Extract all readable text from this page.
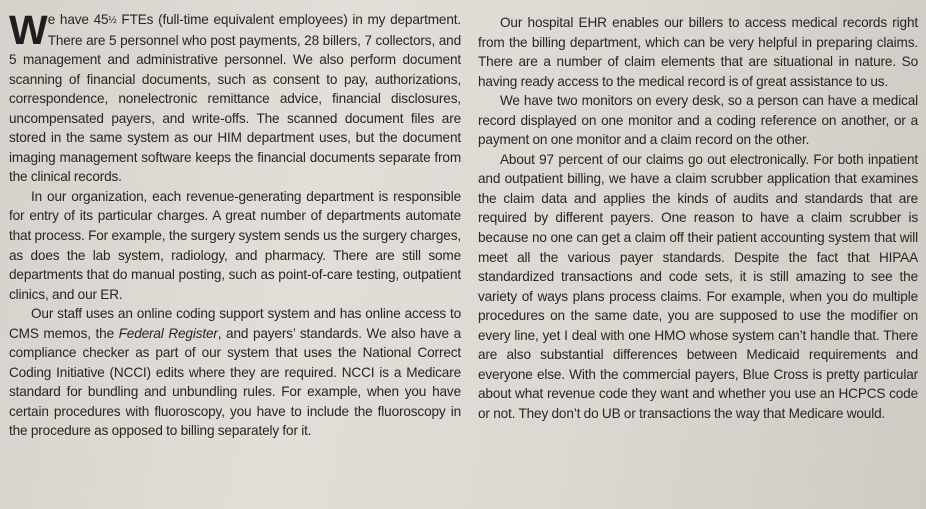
We have 45½ FTEs (full-time equivalent employees) in my department. There are 5 personnel who post payments, 28 billers, 7 collectors, and 5 management and administrative personnel. We also perform document scanning of financial documents, such as consent to pay, authorizations, correspondence, nonelectronic remittance advice, financial disclosures, uncompensated payers, and write-offs. The scanned document files are stored in the same system as our HIM department uses, but the document imaging management software keeps the financial documents separate from the clinical records.

In our organization, each revenue-generating department is responsible for entry of its particular charges. A great number of departments automate that process. For example, the surgery system sends us the surgery charges, as does the lab system, radiology, and pharmacy. There are still some departments that do manual posting, such as point-of-care testing, outpatient clinics, and our ER.

Our staff uses an online coding support system and has online access to CMS memos, the Federal Register, and payers’ standards. We also have a compliance checker as part of our system that uses the National Correct Coding Initiative (NCCI) edits where they are required. NCCI is a Medicare standard for bundling and unbundling rules. For example, when you have certain procedures with fluoroscopy, you have to include the fluoroscopy in the procedure as opposed to billing separately for it.

Our hospital EHR enables our billers to access medical records right from the billing department, which can be very helpful in preparing claims. There are a number of claim elements that are situational in nature. So having ready access to the medical record is of great assistance to us.

We have two monitors on every desk, so a person can have a medical record displayed on one monitor and a coding reference on another, or a payment on one monitor and a claim record on the other.

About 97 percent of our claims go out electronically. For both inpatient and outpatient billing, we have a claim scrubber application that examines the claim data and applies the kinds of audits and standards that are required by different payers. One reason to have a claim scrubber is because no one can get a claim off their patient accounting system that will meet all the various payer standards. Despite the fact that HIPAA standardized transactions and code sets, it is still amazing to see the variety of ways plans process claims. For example, when you do multiple procedures on the same date, you are supposed to use the modifier on every line, yet I deal with one HMO whose system can’t handle that. There are also substantial differences between Medicaid requirements and everyone else. With the commercial payers, Blue Cross is pretty particular about what revenue code they want and whether you use an HCPCS code or not. They don’t do UB or transactions the way that Medicare would.
